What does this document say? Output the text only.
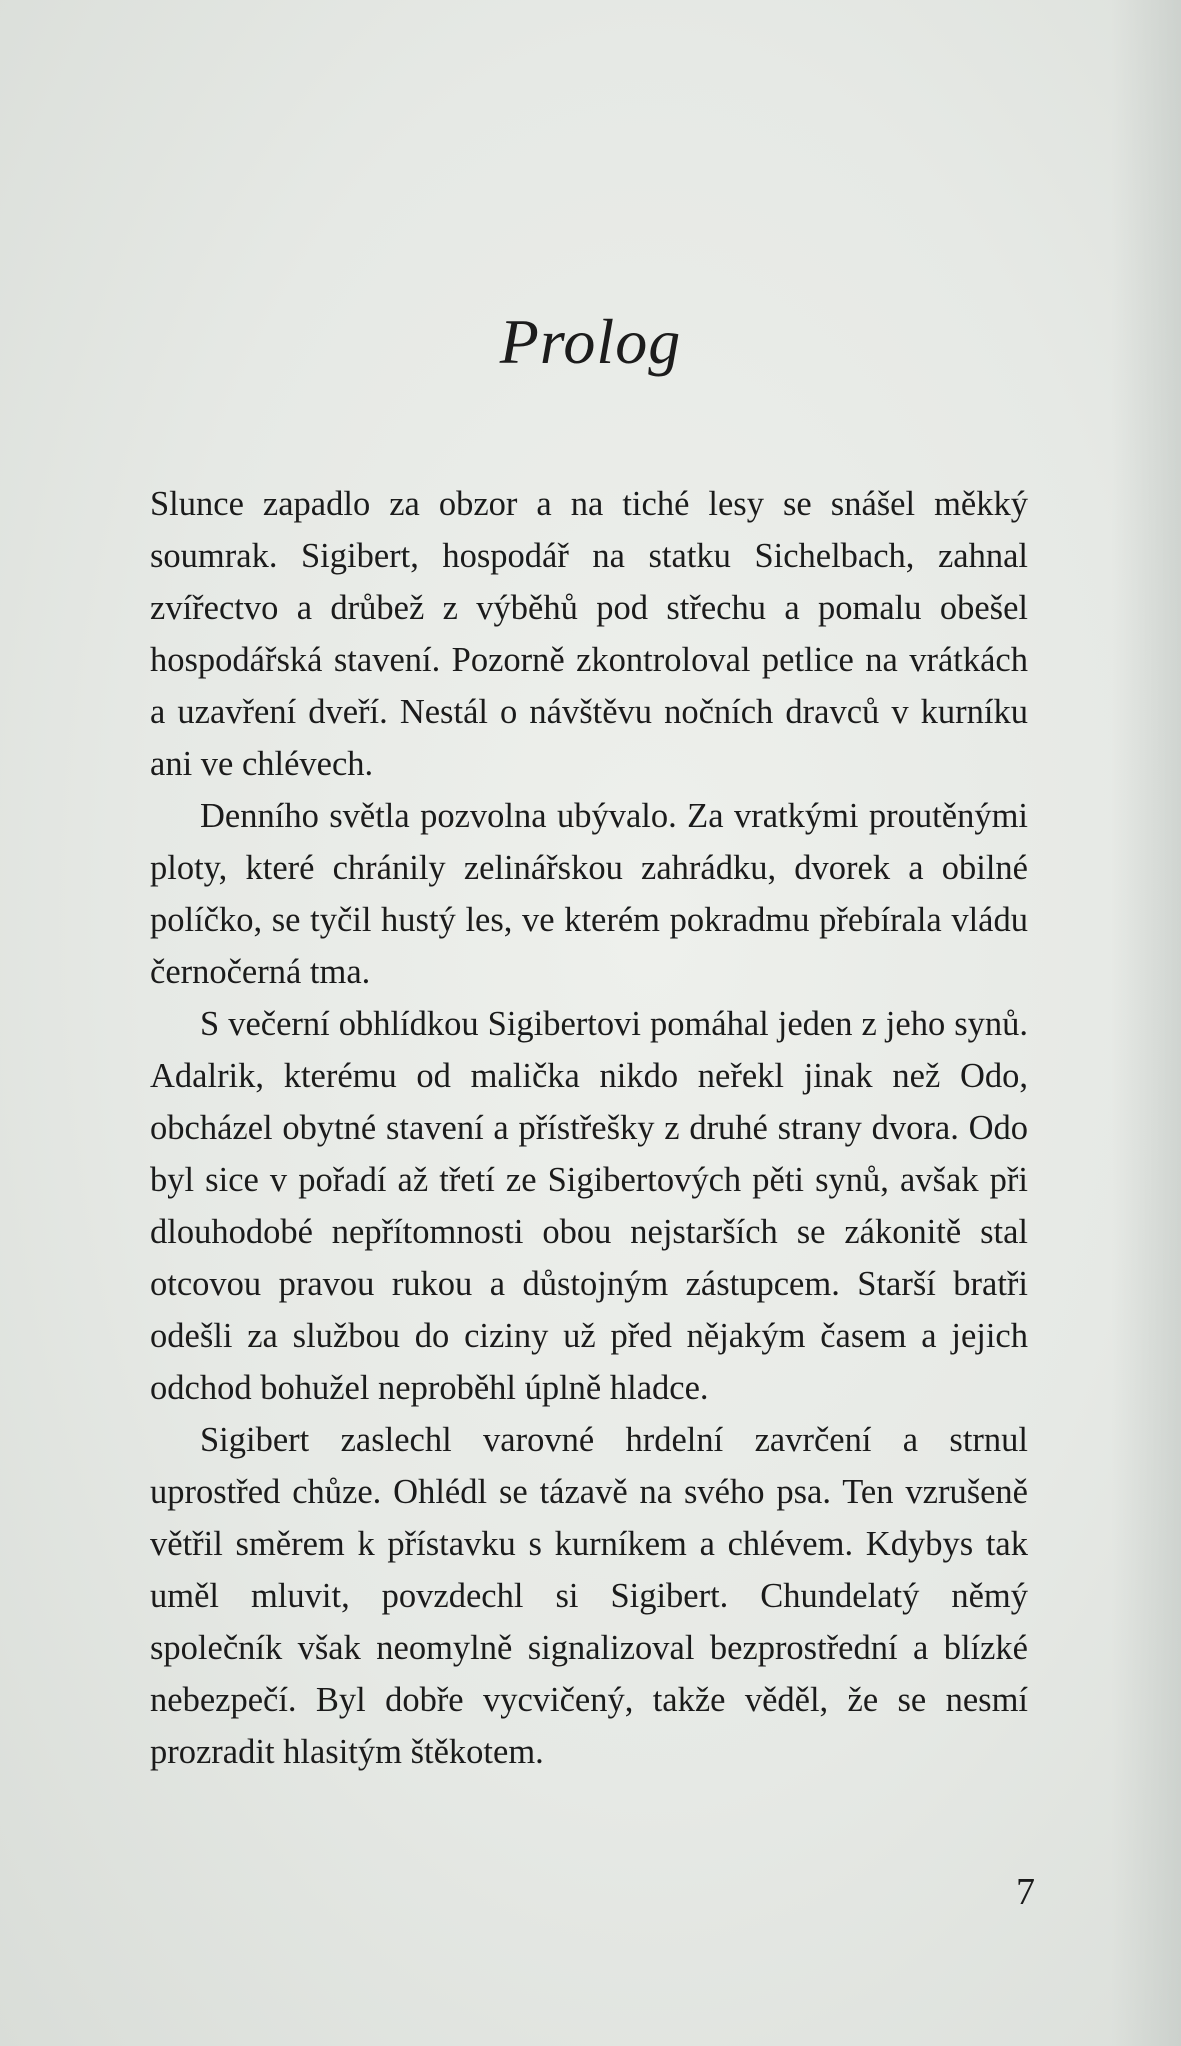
Prolog

Slunce zapadlo za obzor a na tiché lesy se snášel měkký soumrak. Sigibert, hospodář na statku Sichelbach, zahnal zvířectvo a drůbež z výběhů pod střechu a pomalu obešel hospodářská stavení. Pozorně zkontroloval petlice na vrátkách a uzavření dveří. Nestál o návštěvu nočních dravců v kurníku ani ve chlévech.

Denního světla pozvolna ubývalo. Za vratkými proutěnými ploty, které chránily zelinářskou zahrádku, dvorek a obilné políčko, se tyčil hustý les, ve kterém pokradmu přebírala vládu černočerná tma.

S večerní obhlídkou Sigibertovi pomáhal jeden z jeho synů. Adalrik, kterému od malička nikdo neřekl jinak než Odo, obcházel obytné stavení a přístřešky z druhé strany dvora. Odo byl sice v pořadí až třetí ze Sigibertových pěti synů, avšak při dlouhodobé nepřítomnosti obou nejstarších se zákonitě stal otcovou pravou rukou a důstojným zástupcem. Starší bratři odešli za službou do ciziny už před nějakým časem a jejich odchod bohužel neproběhl úplně hladce.

Sigibert zaslechl varovné hrdelní zavrčení a strnul uprostřed chůze. Ohlédl se tázavě na svého psa. Ten vzrušeně větřil směrem k přístavku s kurníkem a chlévem. Kdybys tak uměl mluvit, povzdechl si Sigibert. Chundelatý němý společník však neomylně signalizoval bezprostřední a blízké nebezpečí. Byl dobře vycvičený, takže věděl, že se nesmí prozradit hlasitým štěkotem.

7
